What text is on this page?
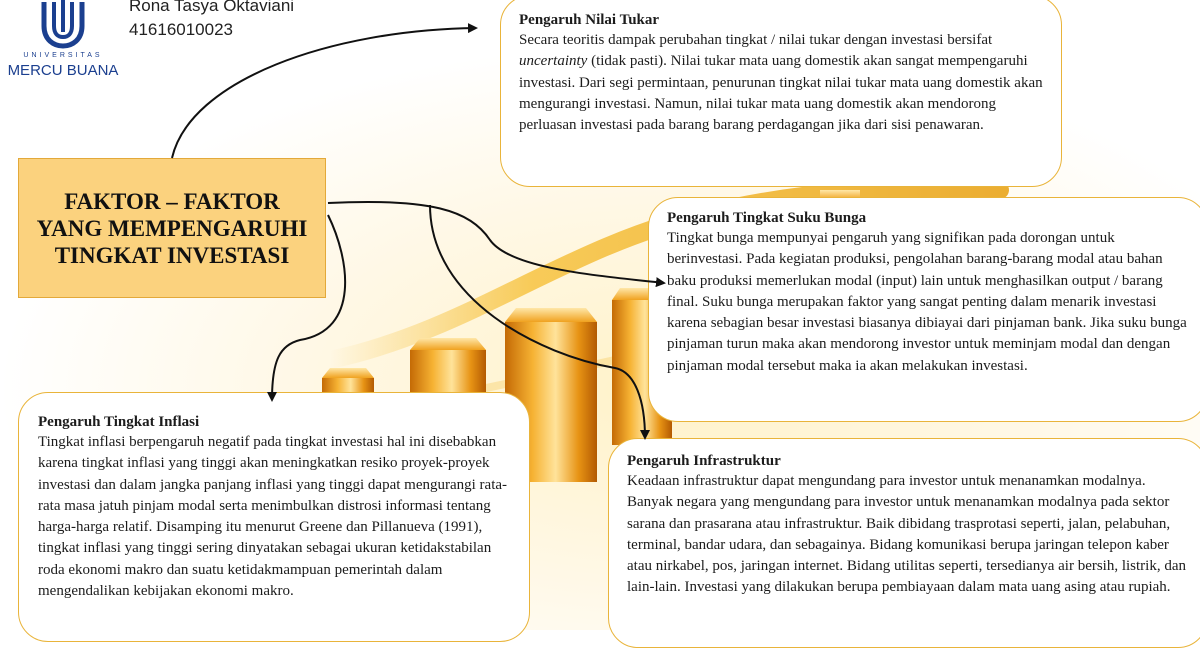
UNIVERSITAS
MERCU BUANA
Rona Tasya Oktaviani
41616010023
FAKTOR – FAKTOR YANG MEMPENGARUHI TINGKAT INVESTASI
Pengaruh Nilai Tukar

Secara teoritis dampak perubahan tingkat / nilai tukar dengan investasi bersifat uncertainty (tidak pasti). Nilai tukar mata uang domestik akan sangat mempengaruhi investasi. Dari segi permintaan, penurunan tingkat nilai tukar mata uang domestik akan mengurangi investasi. Namun, nilai tukar mata uang domestik akan mendorong perluasan investasi pada barang barang perdagangan jika dari sisi penawaran.

Pengaruh Tingkat Suku Bunga

Tingkat bunga mempunyai pengaruh yang signifikan pada dorongan untuk berinvestasi. Pada kegiatan produksi, pengolahan barang-barang modal atau bahan baku produksi memerlukan modal (input) lain untuk menghasilkan output / barang final. Suku bunga merupakan faktor yang sangat penting dalam menarik investasi karena sebagian besar investasi biasanya dibiayai dari pinjaman bank. Jika suku bunga pinjaman turun maka akan mendorong investor untuk meminjam modal dan dengan pinjaman modal tersebut maka ia akan melakukan investasi.

Pengaruh Tingkat Inflasi

Tingkat inflasi berpengaruh negatif pada tingkat investasi hal ini disebabkan karena tingkat inflasi yang tinggi akan meningkatkan resiko proyek-proyek investasi dan dalam jangka panjang inflasi yang tinggi dapat mengurangi rata-rata masa jatuh pinjam modal serta menimbulkan distrosi informasi tentang harga-harga relatif. Disamping itu menurut Greene dan Pillanueva (1991), tingkat inflasi yang tinggi sering dinyatakan sebagai ukuran ketidakstabilan roda ekonomi makro dan suatu ketidakmampuan pemerintah dalam mengendalikan kebijakan ekonomi makro.

Pengaruh Infrastruktur

Keadaan infrastruktur dapat mengundang para investor untuk menanamkan modalnya. Banyak negara yang mengundang para investor untuk menanamkan modalnya pada sektor sarana dan prasarana atau infrastruktur. Baik dibidang trasprotasi seperti, jalan, pelabuhan, terminal, bandar udara, dan sebagainya. Bidang komunikasi berupa jaringan telepon kaber atau nirkabel, pos, jaringan internet. Bidang utilitas seperti, tersedianya air bersih, listrik, dan lain-lain. Investasi yang dilakukan berupa pembiayaan dalam mata uang asing atau rupiah.
